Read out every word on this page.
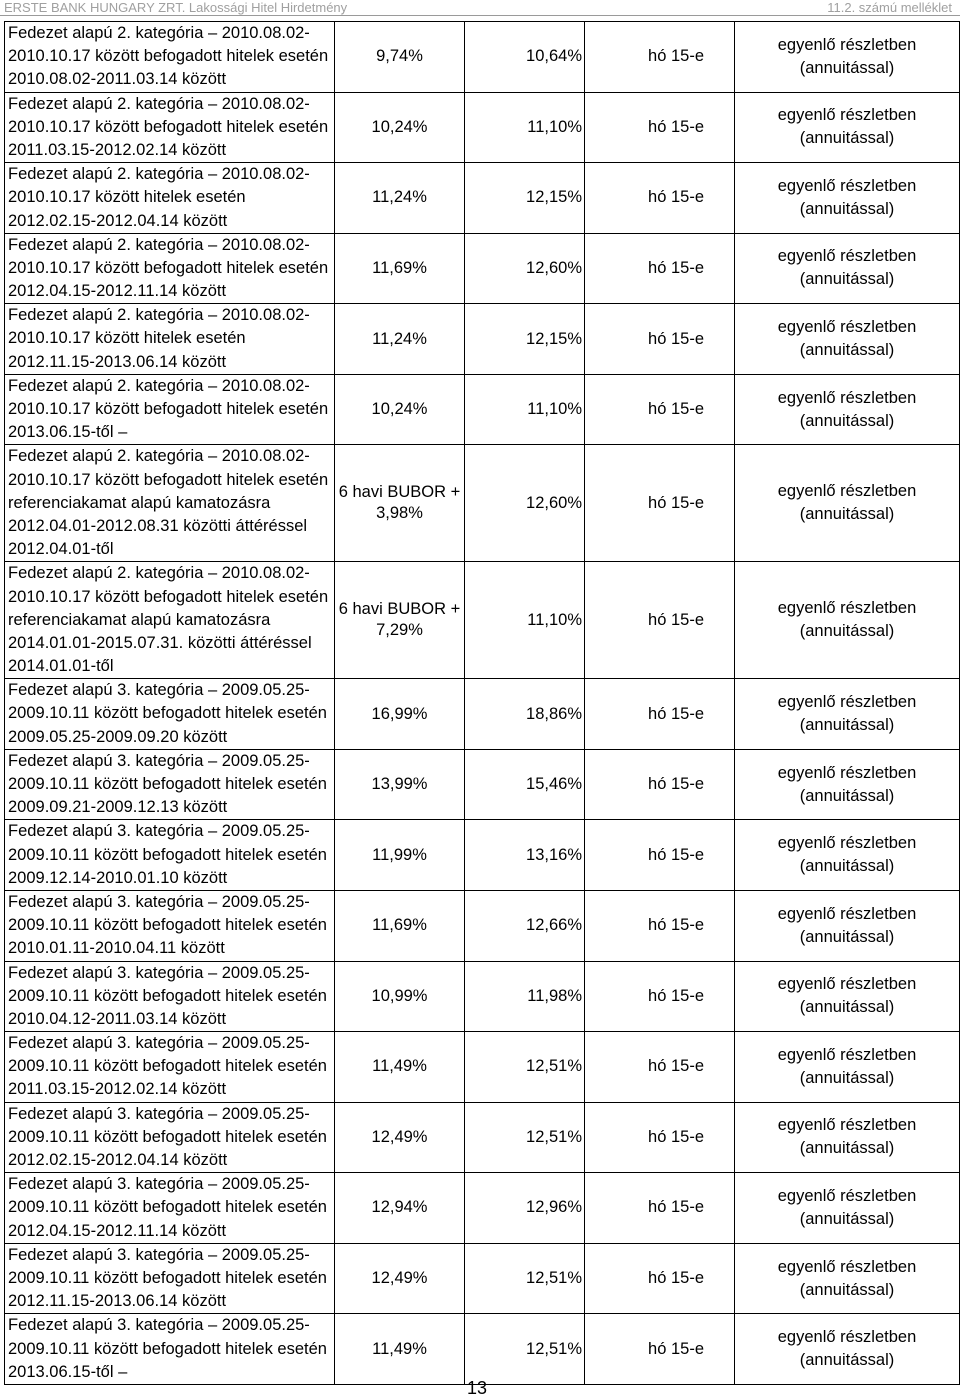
ERSTE BANK HUNGARY ZRT. Lakossági Hitel Hirdetmény	11.2. számú melléklet
Fedezet alapú 2. kategória – 2010.08.02-
2010.10.17 között befogadott hitelek esetén
2010.08.02-2011.03.14 között	9,74%	10,64%	hó 15-e	egyenlő részletben
(annuitással)

Fedezet alapú 2. kategória – 2010.08.02-
2010.10.17 között befogadott hitelek esetén
2011.03.15-2012.02.14 között	10,24%	11,10%	hó 15-e	egyenlő részletben
(annuitással)

Fedezet alapú 2. kategória – 2010.08.02-
2010.10.17 között hitelek esetén
2012.02.15-2012.04.14 között	11,24%	12,15%	hó 15-e	egyenlő részletben
(annuitással)

Fedezet alapú 2. kategória – 2010.08.02-
2010.10.17 között befogadott hitelek esetén
2012.04.15-2012.11.14 között	11,69%	12,60%	hó 15-e	egyenlő részletben
(annuitással)

Fedezet alapú 2. kategória – 2010.08.02-
2010.10.17 között hitelek esetén
2012.11.15-2013.06.14 között	11,24%	12,15%	hó 15-e	egyenlő részletben
(annuitással)

Fedezet alapú 2. kategória – 2010.08.02-
2010.10.17 között befogadott hitelek esetén
2013.06.15-től –	10,24%	11,10%	hó 15-e	egyenlő részletben
(annuitással)

Fedezet alapú 2. kategória – 2010.08.02-
2010.10.17 között befogadott hitelek esetén
referenciakamat alapú kamatozásra
2012.04.01-2012.08.31 közötti áttéréssel
2012.04.01-től	6 havi BUBOR +
3,98%	12,60%	hó 15-e	egyenlő részletben
(annuitással)

Fedezet alapú 2. kategória – 2010.08.02-
2010.10.17 között befogadott hitelek esetén
referenciakamat alapú kamatozásra
2014.01.01-2015.07.31. közötti áttéréssel
2014.01.01-től	6 havi BUBOR +
7,29%	11,10%	hó 15-e	egyenlő részletben
(annuitással)

Fedezet alapú 3. kategória – 2009.05.25-
2009.10.11 között befogadott hitelek esetén
2009.05.25-2009.09.20 között	16,99%	18,86%	hó 15-e	egyenlő részletben
(annuitással)

Fedezet alapú 3. kategória – 2009.05.25-
2009.10.11 között befogadott hitelek esetén
2009.09.21-2009.12.13 között	13,99%	15,46%	hó 15-e	egyenlő részletben
(annuitással)

Fedezet alapú 3. kategória – 2009.05.25-
2009.10.11 között befogadott hitelek esetén
2009.12.14-2010.01.10 között	11,99%	13,16%	hó 15-e	egyenlő részletben
(annuitással)

Fedezet alapú 3. kategória – 2009.05.25-
2009.10.11 között befogadott hitelek esetén
2010.01.11-2010.04.11 között	11,69%	12,66%	hó 15-e	egyenlő részletben
(annuitással)

Fedezet alapú 3. kategória – 2009.05.25-
2009.10.11 között befogadott hitelek esetén
2010.04.12-2011.03.14 között	10,99%	11,98%	hó 15-e	egyenlő részletben
(annuitással)

Fedezet alapú 3. kategória – 2009.05.25-
2009.10.11 között befogadott hitelek esetén
2011.03.15-2012.02.14 között	11,49%	12,51%	hó 15-e	egyenlő részletben
(annuitással)

Fedezet alapú 3. kategória – 2009.05.25-
2009.10.11 között befogadott hitelek esetén
2012.02.15-2012.04.14 között	12,49%	12,51%	hó 15-e	egyenlő részletben
(annuitással)

Fedezet alapú 3. kategória – 2009.05.25-
2009.10.11 között befogadott hitelek esetén
2012.04.15-2012.11.14 között	12,94%	12,96%	hó 15-e	egyenlő részletben
(annuitással)

Fedezet alapú 3. kategória – 2009.05.25-
2009.10.11 között befogadott hitelek esetén
2012.11.15-2013.06.14 között	12,49%	12,51%	hó 15-e	egyenlő részletben
(annuitással)

Fedezet alapú 3. kategória – 2009.05.25-
2009.10.11 között befogadott hitelek esetén
2013.06.15-től –	11,49%	12,51%	hó 15-e	egyenlő részletben
(annuitással)
13
